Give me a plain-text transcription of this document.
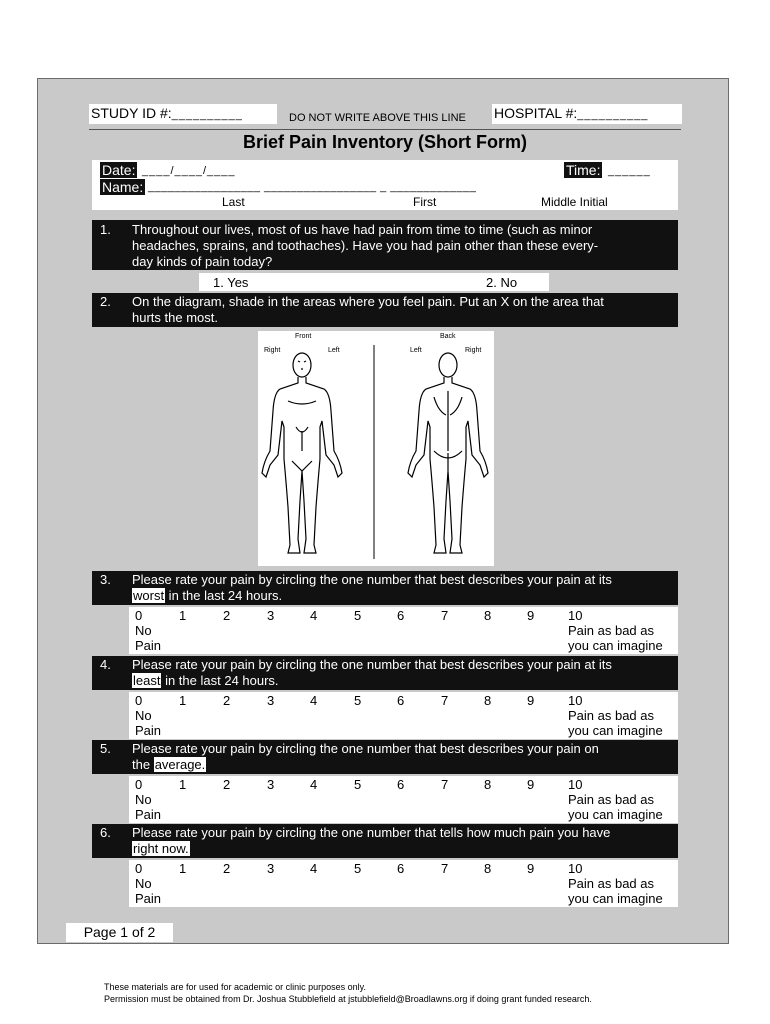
STUDY ID #:__________	DO NOT WRITE ABOVE THIS LINE HOSPITAL #:__________
Brief Pain Inventory (Short Form)
Date: ____/____/____	Time: ______
Name: _________________ _________________ _ _____________
Last	First	Middle Initial
1. Throughout our lives, most of us have had pain from time to time (such as minor
headaches, sprains, and toothaches). Have you had pain other than these every-
day kinds of pain today?
1. Yes	2. No
2. On the diagram, shade in the areas where you feel pain. Put an X on the area that
hurts the most.
Front	Back
Right	Left	Left	Right
3. Please rate your pain by circling the one number that best describes your pain at its
worst in the last 24 hours.
0	1	2	3	4	5	6	7	8	9	10
No
Pain
Pain as bad as
you can imagine
4. Please rate your pain by circling the one number that best describes your pain at its
least in the last 24 hours.
0	1	2	3	4	5	6	7	8	9	10
No
Pain
Pain as bad as
you can imagine
5. Please rate your pain by circling the one number that best describes your pain on
the average.
0	1	2	3	4	5	6	7	8	9	10
No
Pain
Pain as bad as
you can imagine
6. Please rate your pain by circling the one number that tells how much pain you have
right now.
0	1	2	3	4	5	6	7	8	9	10
No
Pain
Pain as bad as
you can imagine
Page 1 of 2
These materials are for used for academic or clinic purposes only.
Permission must be obtained from Dr. Joshua Stubblefield at jstubblefield@Broadlawns.org if doing grant funded research.
